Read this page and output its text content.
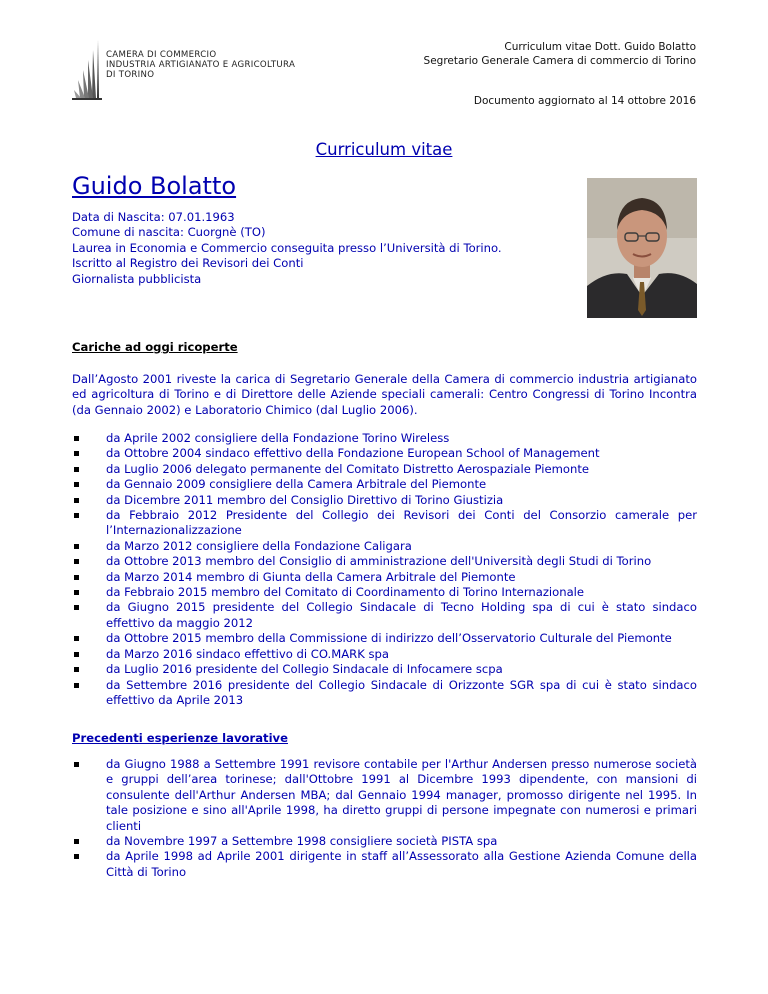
CAMERA DI COMMERCIO
INDUSTRIA ARTIGIANATO E AGRICOLTURA
DI TORINO
Curriculum vitae Dott. Guido Bolatto
Segretario Generale Camera di commercio di Torino
Documento aggiornato al 14 ottobre 2016
Curriculum vitae
Guido Bolatto
Data di Nascita: 07.01.1963
Comune di nascita: Cuorgnè (TO)
Laurea in Economia e Commercio conseguita presso l’Università di Torino.
Iscritto al Registro dei Revisori dei Conti
Giornalista pubblicista
Cariche ad oggi ricoperte
Dall’Agosto 2001 riveste la carica di Segretario Generale della Camera di commercio industria artigianato ed agricoltura di Torino e di Direttore delle Aziende speciali camerali: Centro Congressi di Torino Incontra (da Gennaio 2002) e Laboratorio Chimico (dal Luglio 2006).
da Aprile 2002 consigliere della Fondazione Torino Wireless
da Ottobre 2004 sindaco effettivo della Fondazione European School of Management
da Luglio 2006 delegato permanente del Comitato Distretto Aerospaziale Piemonte
da Gennaio 2009 consigliere della Camera Arbitrale del Piemonte
da Dicembre 2011 membro del Consiglio Direttivo di Torino Giustizia
da Febbraio 2012 Presidente del Collegio dei Revisori dei Conti del Consorzio camerale per l’Internazionalizzazione
da Marzo 2012 consigliere della Fondazione Caligara
da Ottobre 2013 membro del Consiglio di amministrazione dell'Università degli Studi di Torino
da Marzo 2014 membro di Giunta della Camera Arbitrale del Piemonte
da Febbraio 2015 membro del Comitato di Coordinamento di Torino Internazionale
da Giugno 2015 presidente del Collegio Sindacale di Tecno Holding spa di cui è stato sindaco effettivo da maggio 2012
da Ottobre 2015 membro della Commissione di indirizzo dell’Osservatorio Culturale del Piemonte
da Marzo 2016 sindaco effettivo di CO.MARK spa
da Luglio 2016 presidente del Collegio Sindacale di Infocamere scpa
da Settembre 2016 presidente del Collegio Sindacale di Orizzonte SGR spa di cui è stato sindaco effettivo da Aprile 2013
Precedenti esperienze lavorative
da Giugno 1988 a Settembre 1991 revisore contabile per l'Arthur Andersen presso numerose società e gruppi dell’area torinese; dall'Ottobre 1991 al Dicembre 1993 dipendente, con mansioni di consulente dell'Arthur Andersen MBA; dal Gennaio 1994 manager, promosso dirigente nel 1995. In tale posizione e sino all'Aprile 1998, ha diretto gruppi di persone impegnate con numerosi e primari clienti
da Novembre 1997 a Settembre 1998 consigliere società PISTA spa
da Aprile 1998 ad Aprile 2001 dirigente in staff all’Assessorato alla Gestione Azienda Comune della Città di Torino
